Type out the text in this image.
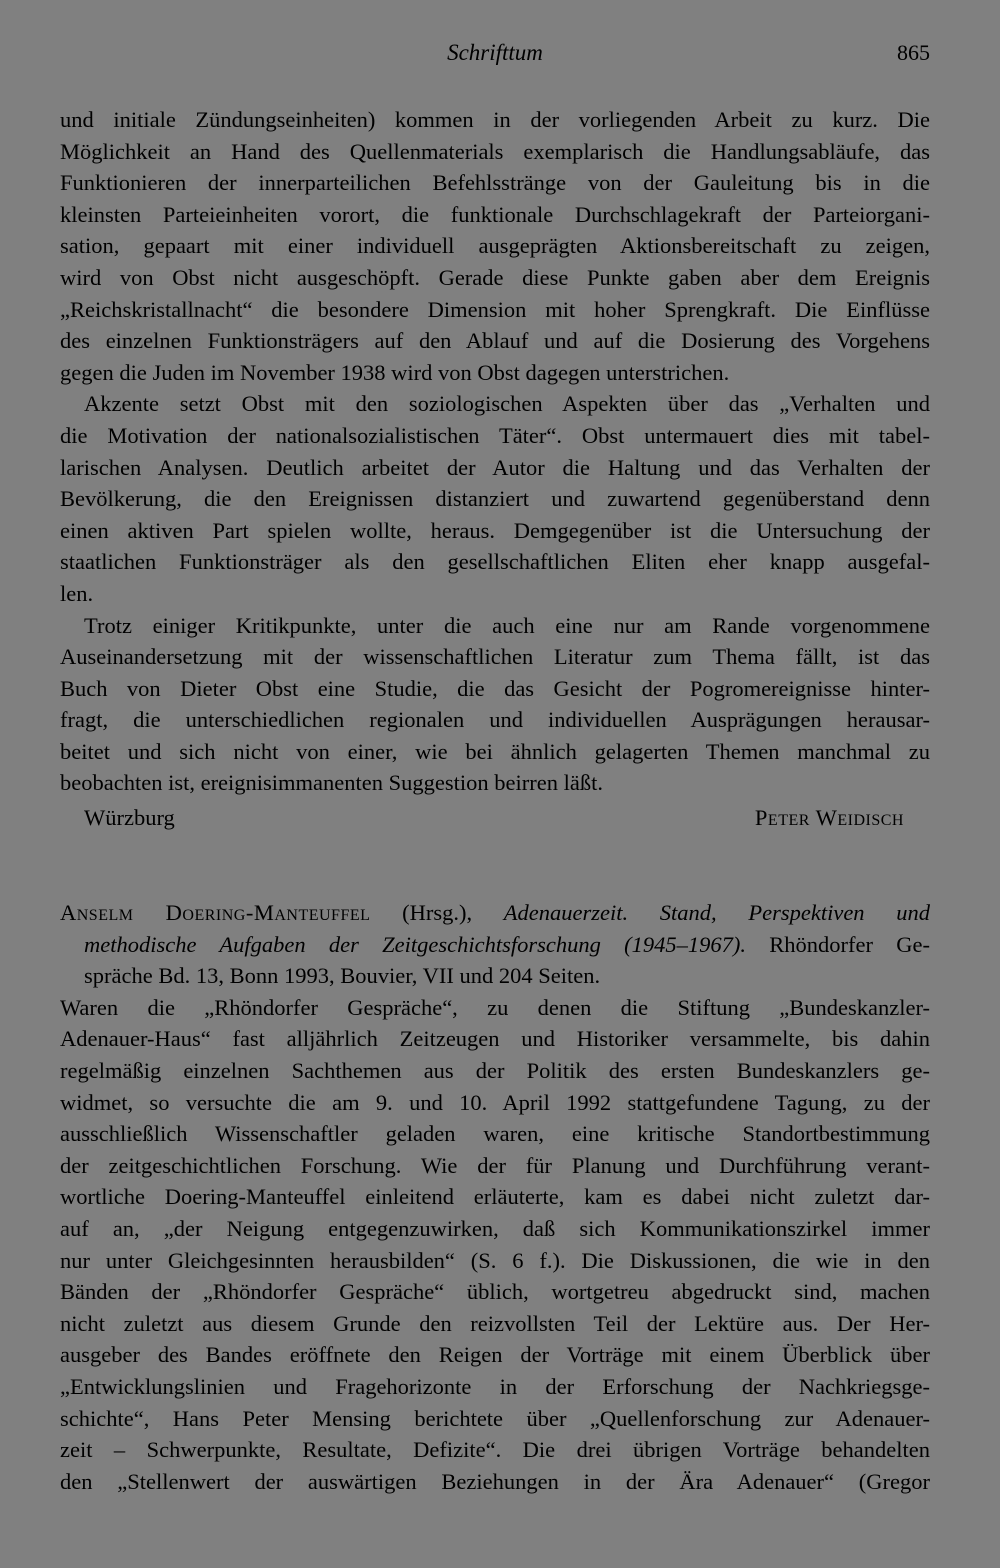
Schrifttum	865
und initiale Zündungseinheiten) kommen in der vorliegenden Arbeit zu kurz. Die
Möglichkeit an Hand des Quellenmaterials exemplarisch die Handlungsabläufe, das
Funktionieren der innerparteilichen Befehlsstränge von der Gauleitung bis in die
kleinsten Parteieinheiten vorort, die funktionale Durchschlagekraft der Parteiorgani-
sation, gepaart mit einer individuell ausgeprägten Aktionsbereitschaft zu zeigen,
wird von Obst nicht ausgeschöpft. Gerade diese Punkte gaben aber dem Ereignis
„Reichskristallnacht“ die besondere Dimension mit hoher Sprengkraft. Die Einflüsse
des einzelnen Funktionsträgers auf den Ablauf und auf die Dosierung des Vorgehens
gegen die Juden im November 1938 wird von Obst dagegen unterstrichen.
Akzente setzt Obst mit den soziologischen Aspekten über das „Verhalten und
die Motivation der nationalsozialistischen Täter“. Obst untermauert dies mit tabel-
larischen Analysen. Deutlich arbeitet der Autor die Haltung und das Verhalten der
Bevölkerung, die den Ereignissen distanziert und zuwartend gegenüberstand denn
einen aktiven Part spielen wollte, heraus. Demgegenüber ist die Untersuchung der
staatlichen Funktionsträger als den gesellschaftlichen Eliten eher knapp ausgefal-
len.
Trotz einiger Kritikpunkte, unter die auch eine nur am Rande vorgenommene
Auseinandersetzung mit der wissenschaftlichen Literatur zum Thema fällt, ist das
Buch von Dieter Obst eine Studie, die das Gesicht der Pogromereignisse hinter-
fragt, die unterschiedlichen regionalen und individuellen Ausprägungen herausar-
beitet und sich nicht von einer, wie bei ähnlich gelagerten Themen manchmal zu
beobachten ist, ereignisimmanenten Suggestion beirren läßt.
Würzburg	Peter Weidisch
Anselm Doering-Manteuffel (Hrsg.), Adenauerzeit. Stand, Perspektiven und
methodische Aufgaben der Zeitgeschichtsforschung (1945–1967). Rhöndorfer Ge-
spräche Bd. 13, Bonn 1993, Bouvier, VII und 204 Seiten.
Waren die „Rhöndorfer Gespräche“, zu denen die Stiftung „Bundeskanzler-
Adenauer-Haus“ fast alljährlich Zeitzeugen und Historiker versammelte, bis dahin
regelmäßig einzelnen Sachthemen aus der Politik des ersten Bundeskanzlers ge-
widmet, so versuchte die am 9. und 10. April 1992 stattgefundene Tagung, zu der
ausschließlich Wissenschaftler geladen waren, eine kritische Standortbestimmung
der zeitgeschichtlichen Forschung. Wie der für Planung und Durchführung verant-
wortliche Doering-Manteuffel einleitend erläuterte, kam es dabei nicht zuletzt dar-
auf an, „der Neigung entgegenzuwirken, daß sich Kommunikationszirkel immer
nur unter Gleichgesinnten herausbilden“ (S. 6 f.). Die Diskussionen, die wie in den
Bänden der „Rhöndorfer Gespräche“ üblich, wortgetreu abgedruckt sind, machen
nicht zuletzt aus diesem Grunde den reizvollsten Teil der Lektüre aus. Der Her-
ausgeber des Bandes eröffnete den Reigen der Vorträge mit einem Überblick über
„Entwicklungslinien und Fragehorizonte in der Erforschung der Nachkriegsge-
schichte“, Hans Peter Mensing berichtete über „Quellenforschung zur Adenauer-
zeit – Schwerpunkte, Resultate, Defizite“. Die drei übrigen Vorträge behandelten
den „Stellenwert der auswärtigen Beziehungen in der Ära Adenauer“ (Gregor
